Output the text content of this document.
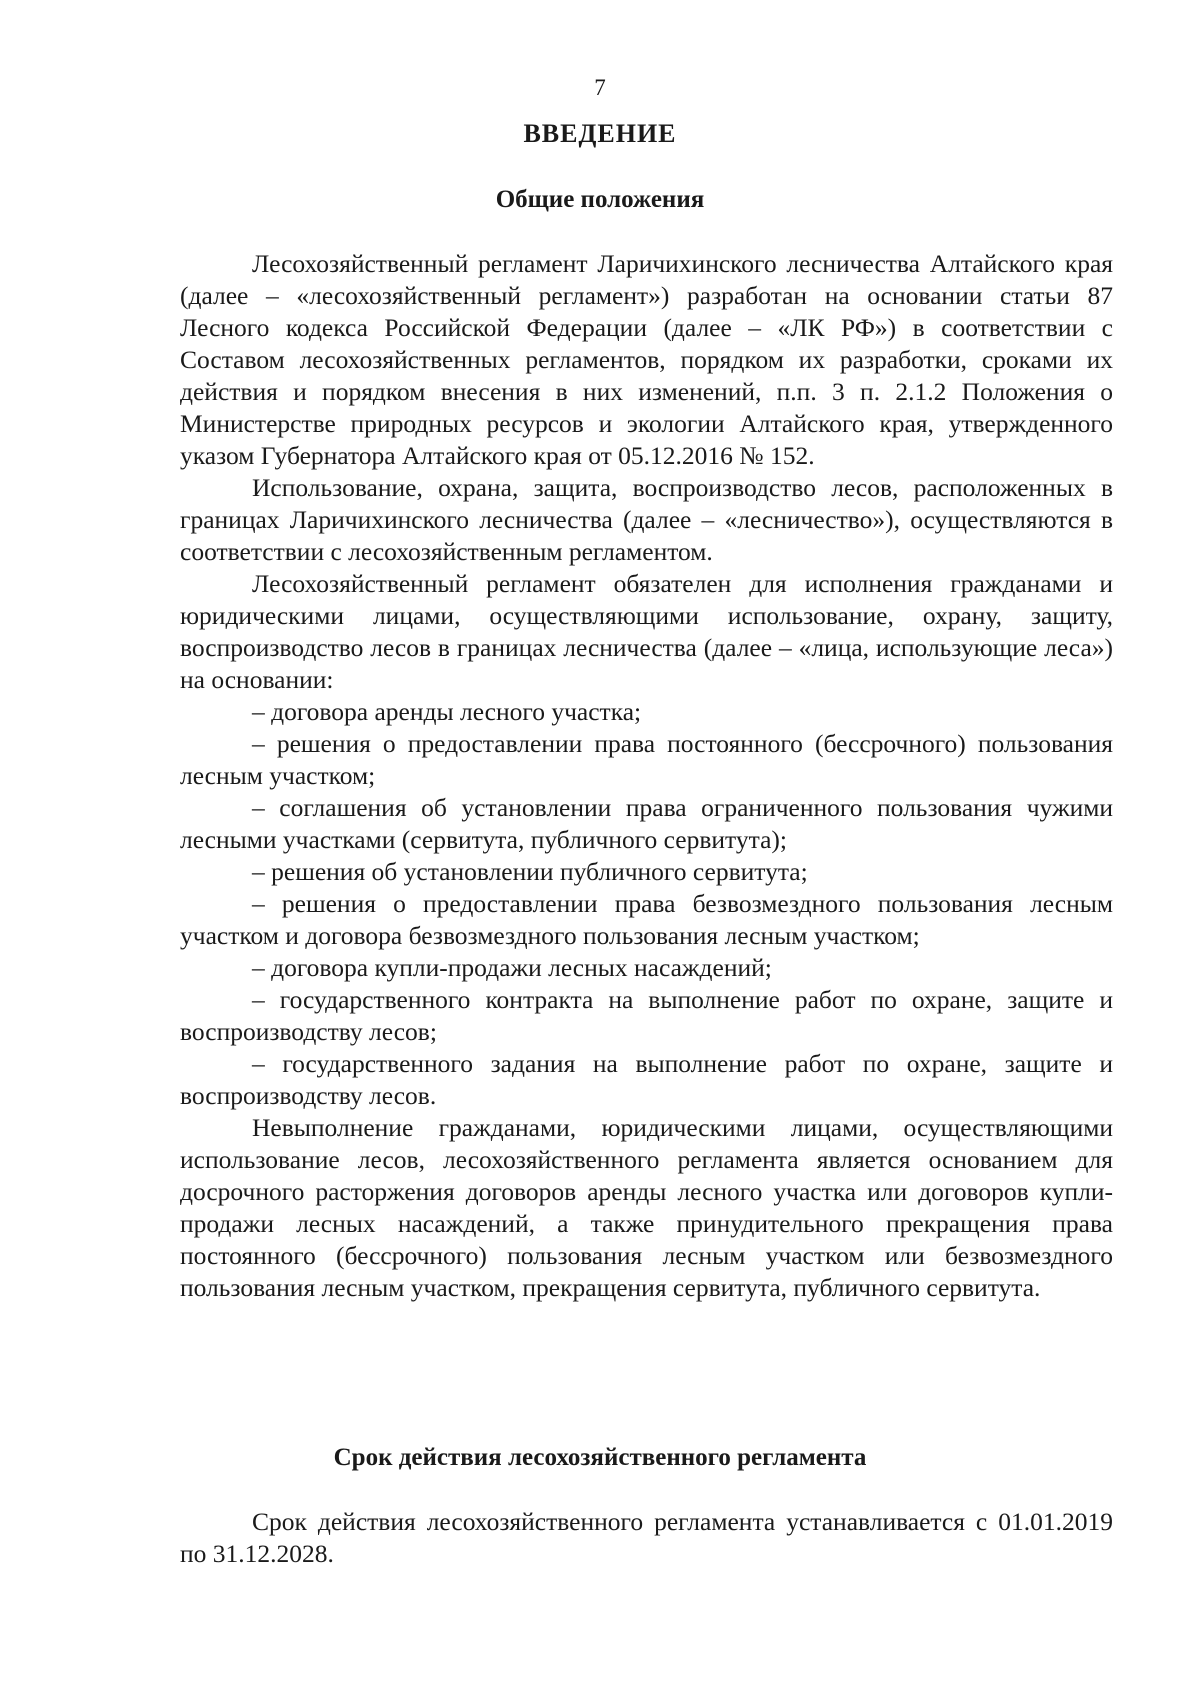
7
ВВЕДЕНИЕ
Общие положения

Лесохозяйственный регламент Ларичихинского лесничества Алтайского края (далее – «лесохозяйственный регламент») разработан на основании статьи 87 Лесного кодекса Российской Федерации (далее – «ЛК РФ») в соответствии с Составом лесохозяйственных регламентов, порядком их разработки, сроками их действия и порядком внесения в них изменений, п.п. 3 п. 2.1.2 Положения о Министерстве природных ресурсов и экологии Алтайского края, утвержденного указом Губернатора Алтайского края от 05.12.2016 № 152.

Использование, охрана, защита, воспроизводство лесов, расположенных в границах Ларичихинского лесничества (далее – «лесничество»), осуществляются в соответствии с лесохозяйственным регламентом.

Лесохозяйственный регламент обязателен для исполнения гражданами и юридическими лицами, осуществляющими использование, охрану, защиту, воспроизводство лесов в границах лесничества (далее – «лица, использующие леса») на основании:

– договора аренды лесного участка;

– решения о предоставлении права постоянного (бессрочного) пользования лесным участком;

– соглашения об установлении права ограниченного пользования чужими лесными участками (сервитута, публичного сервитута);

– решения об установлении публичного сервитута;

– решения о предоставлении права безвозмездного пользования лесным участком и договора безвозмездного пользования лесным участком;

– договора купли-продажи лесных насаждений;

– государственного контракта на выполнение работ по охране, защите и воспроизводству лесов;

– государственного задания на выполнение работ по охране, защите и воспроизводству лесов.

Невыполнение гражданами, юридическими лицами, осуществляющими использование лесов, лесохозяйственного регламента является основанием для досрочного расторжения договоров аренды лесного участка или договоров купли-продажи лесных насаждений, а также принудительного прекращения права постоянного (бессрочного) пользования лесным участком или безвозмездного пользования лесным участком, прекращения сервитута, публичного сервитута.

Срок действия лесохозяйственного регламента

Срок действия лесохозяйственного регламента устанавливается с 01.01.2019 по 31.12.2028.
